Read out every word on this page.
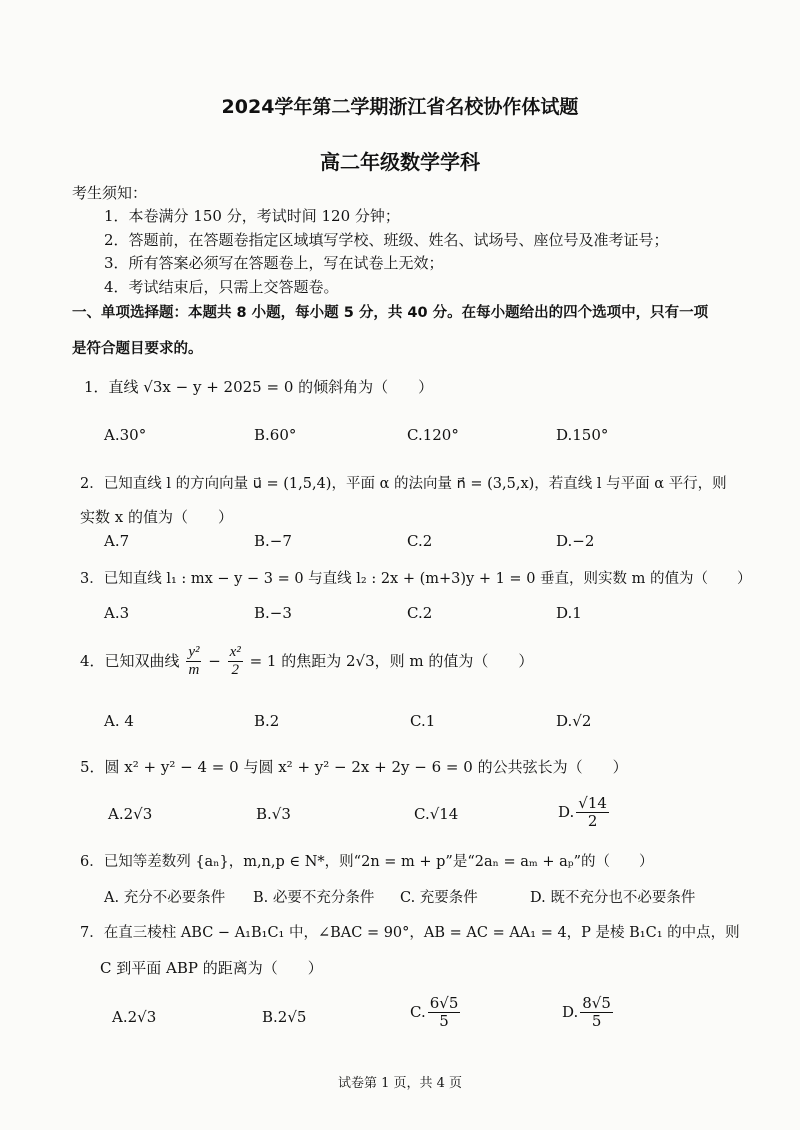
2024学年第二学期浙江省名校协作体试题
高二年级数学学科
考生须知：
1．本卷满分 150 分，考试时间 120 分钟；
2．答题前，在答题卷指定区域填写学校、班级、姓名、试场号、座位号及准考证号；
3．所有答案必须写在答题卷上，写在试卷上无效；
4．考试结束后，只需上交答题卷。
一、单项选择题：本题共 8 小题，每小题 5 分，共 40 分。在每小题给出的四个选项中，只有一项
是符合题目要求的。
1．直线 √3x − y + 2025 = 0 的倾斜角为（　　）
A.30°	B.60°	C.120°	D.150°
2．已知直线 l 的方向向量 u⃗ = (1,5,4)，平面 α 的法向量 n⃗ = (3,5,x)，若直线 l 与平面 α 平行，则
实数 x 的值为（　　）
A.7	B.−7	C.2	D.−2
3．已知直线 l₁ : mx − y − 3 = 0 与直线 l₂ : 2x + (m+3)y + 1 = 0 垂直，则实数 m 的值为（　　）
A.3	B.−3	C.2	D.1
4．已知双曲线 $\frac{\text{y²}}{m} - \frac{\text{x²}}{2} = 1$ 的焦距为 2√3，则 m 的值为（　　）
A. 4	B.2	C.1	D.√2
5．圆 x² + y² − 4 = 0 与圆 x² + y² − 2x + 2y − 6 = 0 的公共弦长为（　　）
A.2√3	B.√3	C.√14	D. $\frac{√14}{2}$
6．已知等差数列 {aₙ}，m,n,p ∈ N*，则“2n = m + p”是“2aₙ = aₘ + aₚ”的（　　）
A. 充分不必要条件 B. 必要不充分条件 C. 充要条件	D. 既不充分也不必要条件
7．在直三棱柱 ABC − A₁B₁C₁ 中，∠BAC = 90°，AB = AC = AA₁ = 4，P 是棱 B₁C₁ 的中点，则
C 到平面 ABP 的距离为（　　）
A.2√3	B.2√5	C. $\frac{6√5}{5}$	D. $\frac{8√5}{5}$
试卷第 1 页，共 4 页
